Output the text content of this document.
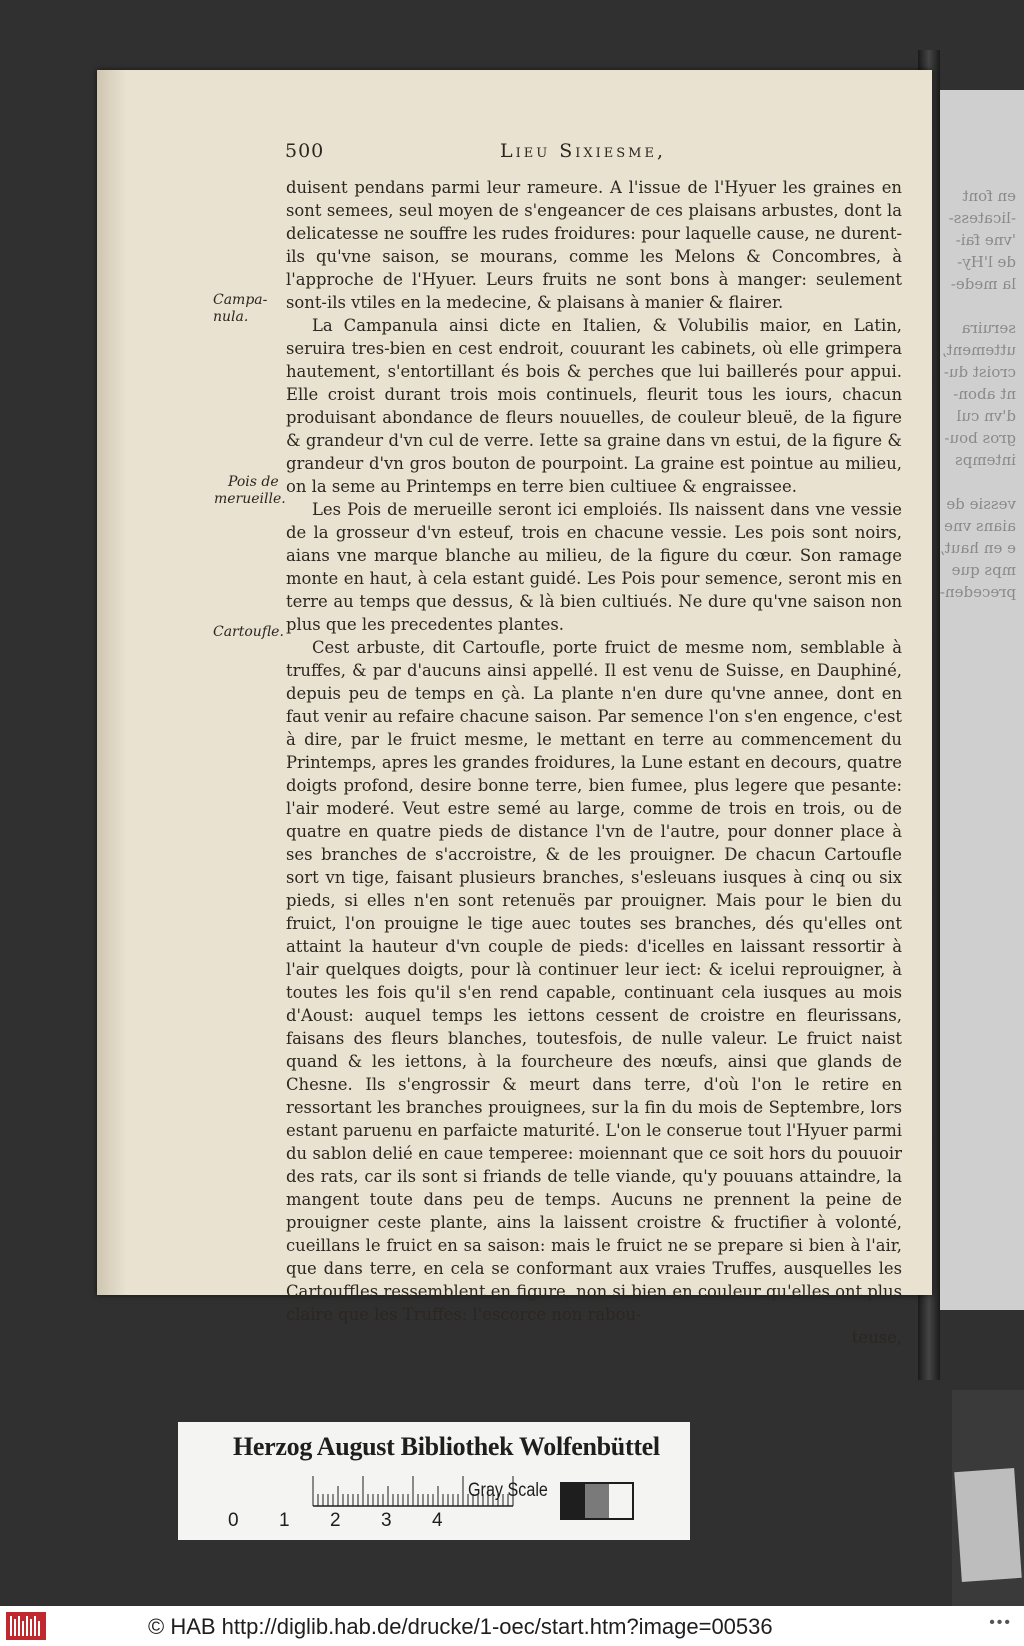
en font
-licatess-
'vne fai-
de l'Hy-
la mede-

seruira
uttement,
croist du-
nt abon-
d'vn cul
gros bou-
intemps

vessie de
aians vne
e en haut,
mps que
preceden-
500	Lieu Sixiesme,
Campa-
nula.
Pois de
merueille.
Cartoufle.

duisent pendans parmi leur rameure. A l'issue de l'Hyuer les graines en sont semees, seul moyen de s'engeancer de ces plaisans arbustes, dont la delicatesse ne souffre les rudes froidures: pour laquelle cause, ne durent-ils qu'vne saison, se mourans, comme les Melons & Concombres, à l'approche de l'Hyuer. Leurs fruits ne sont bons à manger: seulement sont-ils vtiles en la medecine, & plaisans à manier & flairer.

La Campanula ainsi dicte en Italien, & Volubilis maior, en Latin, seruira tres-bien en cest endroit, couurant les cabinets, où elle grimpera hautement, s'entortillant és bois & perches que lui baillerés pour appui. Elle croist durant trois mois continuels, fleurit tous les iours, chacun produisant abondance de fleurs nouuelles, de couleur bleuë, de la figure & grandeur d'vn cul de verre. Iette sa graine dans vn estui, de la figure & grandeur d'vn gros bouton de pourpoint. La graine est pointue au milieu, on la seme au Printemps en terre bien cultiuee & engraissee.

Les Pois de merueille seront ici emploiés. Ils naissent dans vne vessie de la grosseur d'vn esteuf, trois en chacune vessie. Les pois sont noirs, aians vne marque blanche au milieu, de la figure du cœur. Son ramage monte en haut, à cela estant guidé. Les Pois pour semence, seront mis en terre au temps que dessus, & là bien cultiués. Ne dure qu'vne saison non plus que les precedentes plantes.

Cest arbuste, dit Cartoufle, porte fruict de mesme nom, semblable à truffes, & par d'aucuns ainsi appellé. Il est venu de Suisse, en Dauphiné, depuis peu de temps en çà. La plante n'en dure qu'vne annee, dont en faut venir au refaire chacune saison. Par semence l'on s'en engence, c'est à dire, par le fruict mesme, le mettant en terre au commencement du Printemps, apres les grandes froidures, la Lune estant en decours, quatre doigts profond, desire bonne terre, bien fumee, plus legere que pesante: l'air moderé. Veut estre semé au large, comme de trois en trois, ou de quatre en quatre pieds de distance l'vn de l'autre, pour donner place à ses branches de s'accroistre, & de les prouigner. De chacun Cartoufle sort vn tige, faisant plusieurs branches, s'esleuans iusques à cinq ou six pieds, si elles n'en sont retenuës par prouigner. Mais pour le bien du fruict, l'on prouigne le tige auec toutes ses branches, dés qu'elles ont attaint la hauteur d'vn couple de pieds: d'icelles en laissant ressortir à l'air quelques doigts, pour là continuer leur iect: & icelui reprouigner, à toutes les fois qu'il s'en rend capable, continuant cela iusques au mois d'Aoust: auquel temps les iettons cessent de croistre en fleurissans, faisans des fleurs blanches, toutesfois, de nulle valeur. Le fruict naist quand & les iettons, à la fourcheure des nœufs, ainsi que glands de Chesne. Ils s'engrossir & meurt dans terre, d'où l'on le retire en ressortant les branches prouignees, sur la fin du mois de Septembre, lors estant paruenu en parfaicte maturité. L'on le conserue tout l'Hyuer parmi du sablon delié en caue temperee: moiennant que ce soit hors du pouuoir des rats, car ils sont si friands de telle viande, qu'y pouuans attaindre, la mangent toute dans peu de temps. Aucuns ne prennent la peine de prouigner ceste plante, ains la laissent croistre & fructifier à volonté, cueillans le fruict en sa saison: mais le fruict ne se prepare si bien à l'air, que dans terre, en cela se conformant aux vraies Truffes, ausquelles les Cartouffles ressemblent en figure, non si bien en couleur qu'elles ont plus claire que les Truffes: l'escorce non rabou-

teuse,

Herzog August Bibliothek Wolfenbüttel
Gray Scale
0 1 2 3 4
© HAB http://diglib.hab.de/drucke/1-oec/start.htm?image=00536	•••
